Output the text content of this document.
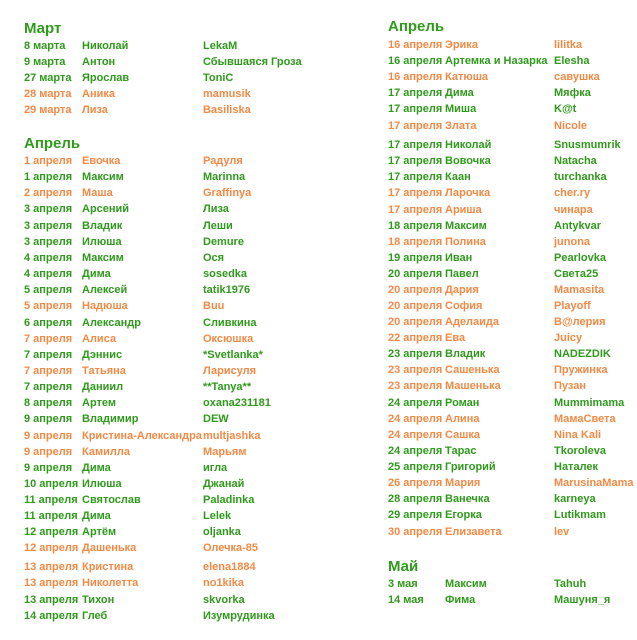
Март
8 марта Николай	LekaM
9 марта Антон	Сбывшаяся Гроза
27 марта Ярослав	ToniC
28 марта Аника	mamusik
29 марта Лиза	Basiliska
Апрель
1 апреля Евочка	Радуля
1 апреля Максим	Marinna
2 апреля Маша	Graffinya
3 апреля Арсений	Лиза
3 апреля Владик	Леши
3 апреля Илюша	Demure
4 апреля Максим	Ося
4 апреля Дима	sosedka
5 апреля Алексей	tatik1976
5 апреля Надюша	Buu
6 апреля Александр	Сливкина
7 апреля Алиса	Оксюшка
7 апреля Дэннис	*Svetlanka*
7 апреля Татьяна	Ларисуля
7 апреля Даниил	**Tanya**
8 апреля Артем	oxana231181
9 апреля Владимир	DEW
9 апреля Кристина-Александра multjashka
9 апреля Камилла	Марьям
9 апреля Дима	игла
10 апреля Илюша	Джанай
11 апреля Святослав	Paladinka
11 апреля Дима	Lelek
12 апреля Артём	oljanka
12 апреля Дашенька	Олечка-85
13 апреля Кристина	elena1884
13 апреля Николетта	no1kika
13 апреля Тихон	skvorka
14 апреля Глеб	Изумрудинка
Апрель
16 апреля Эрика	lilitka
16 апреля Артемка и Назарка Elesha
16 апреля Катюша	савушка
17 апреля Дима	Мяфка
17 апреля Миша	K@t
17 апреля Злата	Nicole
17 апреля Николай	Snusmumrik
17 апреля Вовочка	Natacha
17 апреля Каан	turchanka
17 апреля Ларочка	cher.ry
17 апреля Ариша	чинара
18 апреля Максим	Antykvar
18 апреля Полина	junona
19 апреля Иван	Pearlovka
20 апреля Павел	Света25
20 апреля Дария	Mamasita
20 апреля София	Playoff
20 апреля Аделаида	B@лерия
22 апреля Ева	Juicy
23 апреля Владик	NADEZDIK
23 апреля Сашенька	Пружинка
23 апреля Машенька	Пузан
24 апреля Роман	Mummimama
24 апреля Алина	МамаСвета
24 апреля Сашка	Nina Kali
24 апреля Тарас	Tkoroleva
25 апреля Григорий	Наталек
26 апреля Мария	MarusinaMama
28 апреля Ванечка	karneya
29 апреля Егорка	Lutikmam
30 апреля Елизавета	lev
Май
3 мая Максим	Tahuh
14 мая Фима	Машуня_я
